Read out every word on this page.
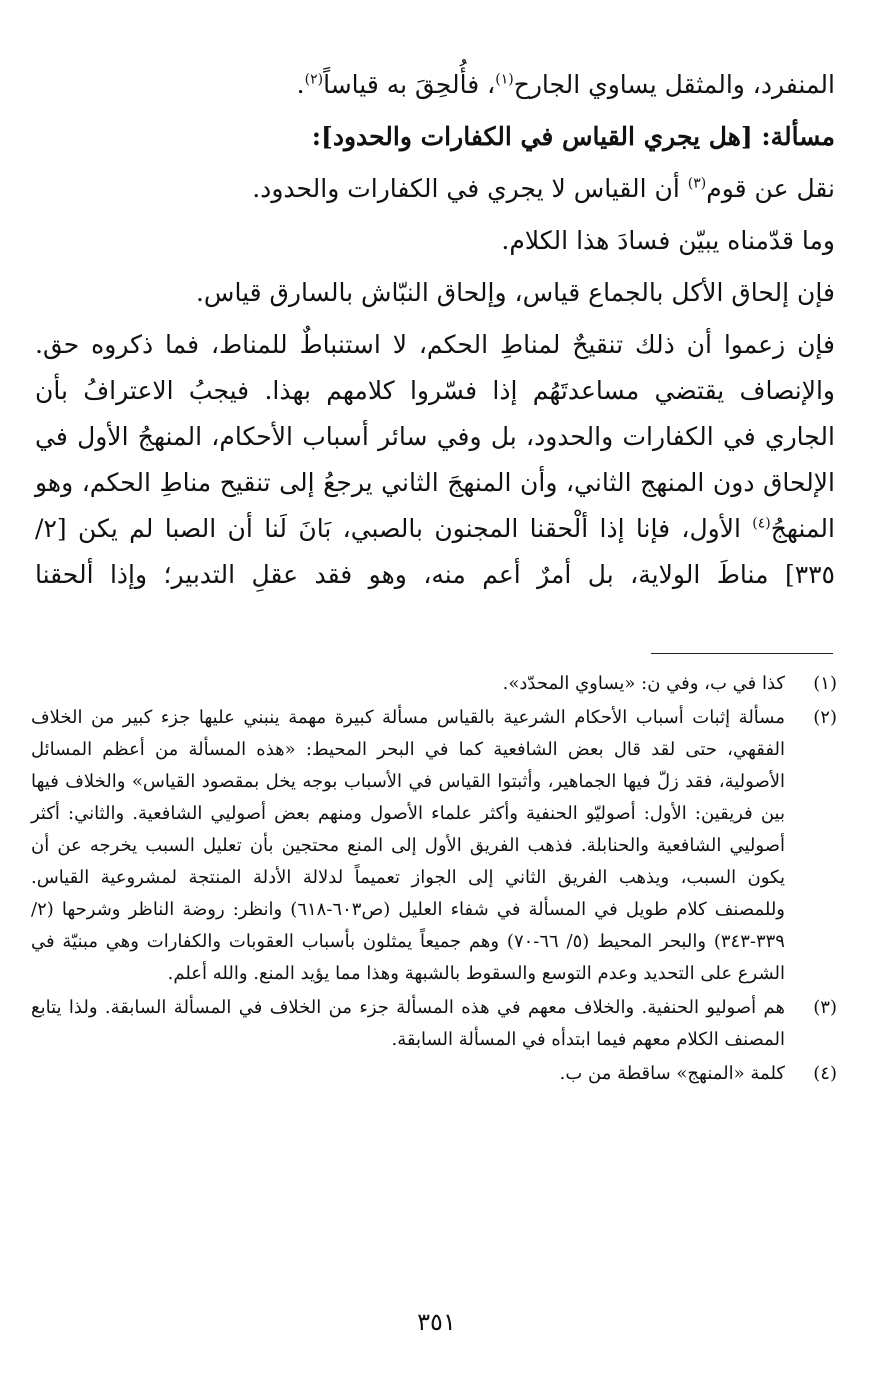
المنفرد، والمثقل يساوي الجارح$^{(١)}$، فأُلحِقَ به قياساً$^{(٢)}$.

مسألة: [هل يجري القياس في الكفارات والحدود]:

نقل عن قوم$^{(٣)}$ أن القياس لا يجري في الكفارات والحدود.

وما قدّمناه يبيّن فسادَ هذا الكلام.

فإن إلحاق الأكل بالجماع قياس، وإلحاق النبّاش بالسارق قياس.

فإن زعموا أن ذلك تنقيحٌ لمناطِ الحكم، لا استنباطٌ للمناط، فما ذكروه حق. والإنصاف يقتضي مساعدتَهُم إذا فسّروا كلامهم بهذا. فيجبُ الاعترافُ بأن الجاري في الكفارات والحدود، بل وفي سائر أسباب الأحكام، المنهجُ الأول في الإلحاق دون المنهج الثاني، وأن المنهجَ الثاني يرجعُ إلى تنقيح مناطِ الحكم، وهو المنهجُ$^{(٤)}$ الأول، فإنا إذا ألْحقنا المجنون بالصبي، بَانَ لَنا أن الصبا لم يكن [٢/ ٣٣٥] مناطَ الولاية، بل أمرٌ أعم منه، وهو فقد عقلِ التدبير؛ وإذا ألحقنا

(١)
كذا في ب، وفي ن: «يساوي المحدّد».
(٢)
مسألة إثبات أسباب الأحكام الشرعية بالقياس مسألة كبيرة مهمة ينبني عليها جزء كبير من الخلاف الفقهي، حتى لقد قال بعض الشافعية كما في البحر المحيط: «هذه المسألة من أعظم المسائل الأصولية، فقد زلّ فيها الجماهير، وأثبتوا القياس في الأسباب بوجه يخل بمقصود القياس» والخلاف فيها بين فريقين: الأول: أصوليّو الحنفية وأكثر علماء الأصول ومنهم بعض أصوليي الشافعية. والثاني: أكثر أصوليي الشافعية والحنابلة. فذهب الفريق الأول إلى المنع محتجين بأن تعليل السبب يخرجه عن أن يكون السبب، ويذهب الفريق الثاني إلى الجواز تعميماً لدلالة الأدلة المنتجة لمشروعية القياس. وللمصنف كلام طويل في المسألة في شفاء العليل (ص٦٠٣-٦١٨) وانظر: روضة الناظر وشرحها (٢/ ٣٣٩-٣٤٣) والبحر المحيط (٥/ ٦٦-٧٠) وهم جميعاً يمثلون بأسباب العقوبات والكفارات وهي مبنيّة في الشرع على التحديد وعدم التوسع والسقوط بالشبهة وهذا مما يؤيد المنع. والله أعلم.
(٣)
هم أصوليو الحنفية. والخلاف معهم في هذه المسألة جزء من الخلاف في المسألة السابقة. ولذا يتابع المصنف الكلام معهم فيما ابتدأه في المسألة السابقة.
(٤)
كلمة «المنهج» ساقطة من ب.
٣٥١
